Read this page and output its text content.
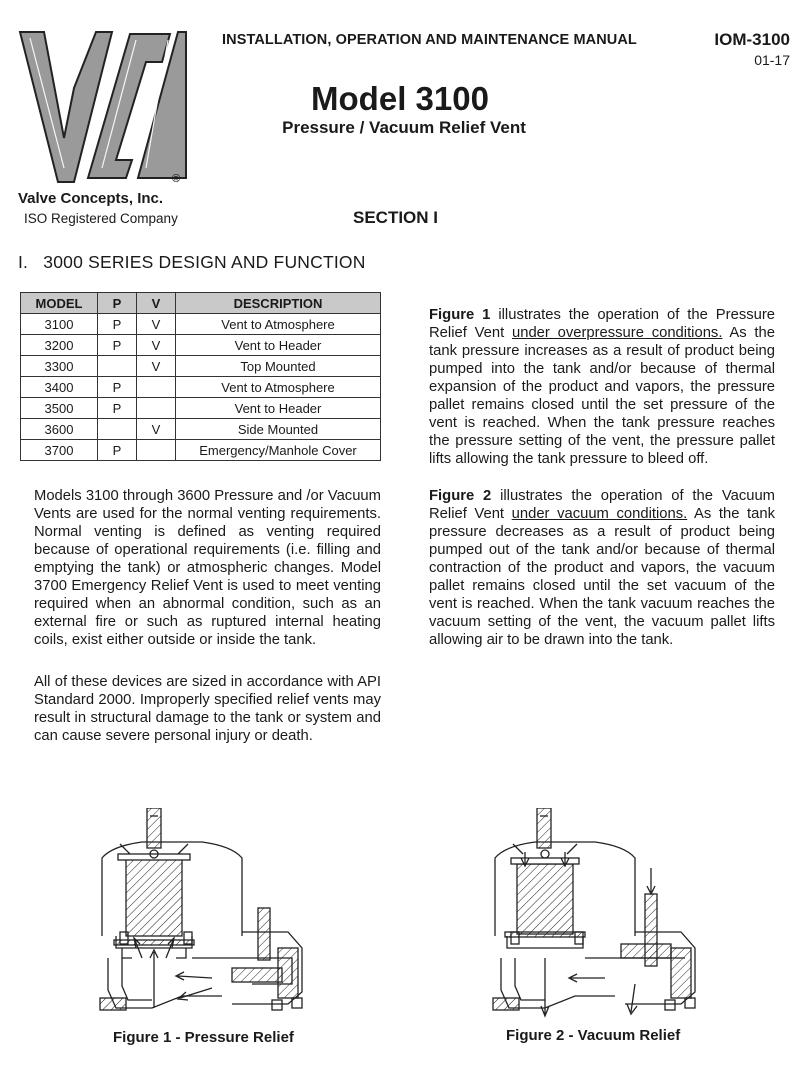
®
Valve Concepts, Inc.
ISO Registered Company
INSTALLATION, OPERATION AND MAINTENANCE MANUAL	IOM-3100
01-17
Model 3100
Pressure / Vacuum Relief Vent
SECTION I
I.   3000 SERIES DESIGN AND FUNCTION
MODEL	P	V	DESCRIPTION
3100	P	V	Vent to Atmosphere
3200	P	V	Vent to Header
3300		V	Top Mounted
3400	P		Vent to Atmosphere
3500	P		Vent to Header
3600		V	Side Mounted
3700	P		Emergency/Manhole Cover
Models 3100 through 3600 Pressure and /or Vacuum Vents are used for the normal venting requirements. Normal venting is defined as venting required because of operational requirements (i.e. filling and emptying the tank) or atmospheric changes. Model 3700 Emergency Relief Vent is used to meet venting required when an abnormal condition, such as an external fire or such as ruptured internal heating coils, exist either outside or inside the tank.
All of these devices are sized in accordance with API Standard 2000. Improperly specified relief vents may result in structural damage to the tank or system and can cause severe personal injury or death.
Figure 1 illustrates the operation of the Pressure Relief Vent under overpressure conditions. As the tank pressure increases as a result of product being pumped into the tank and/or because of thermal expansion of the product and vapors, the pressure pallet remains closed until the set pressure of the vent is reached. When the tank pressure reaches the pressure setting of the vent, the pressure pallet lifts allowing the tank pressure to bleed off.
Figure 2 illustrates the operation of the Vacuum Relief Vent under vacuum conditions. As the tank pressure decreases as a result of product being pumped out of the tank and/or because of thermal contraction of the product and vapors, the vacuum pallet remains closed until the set vacuum of the vent is reached. When the tank vacuum reaches the vacuum setting of the vent, the vacuum pallet lifts allowing air to be drawn into the tank.
Figure 1 - Pressure Relief	Figure 2 - Vacuum Relief
